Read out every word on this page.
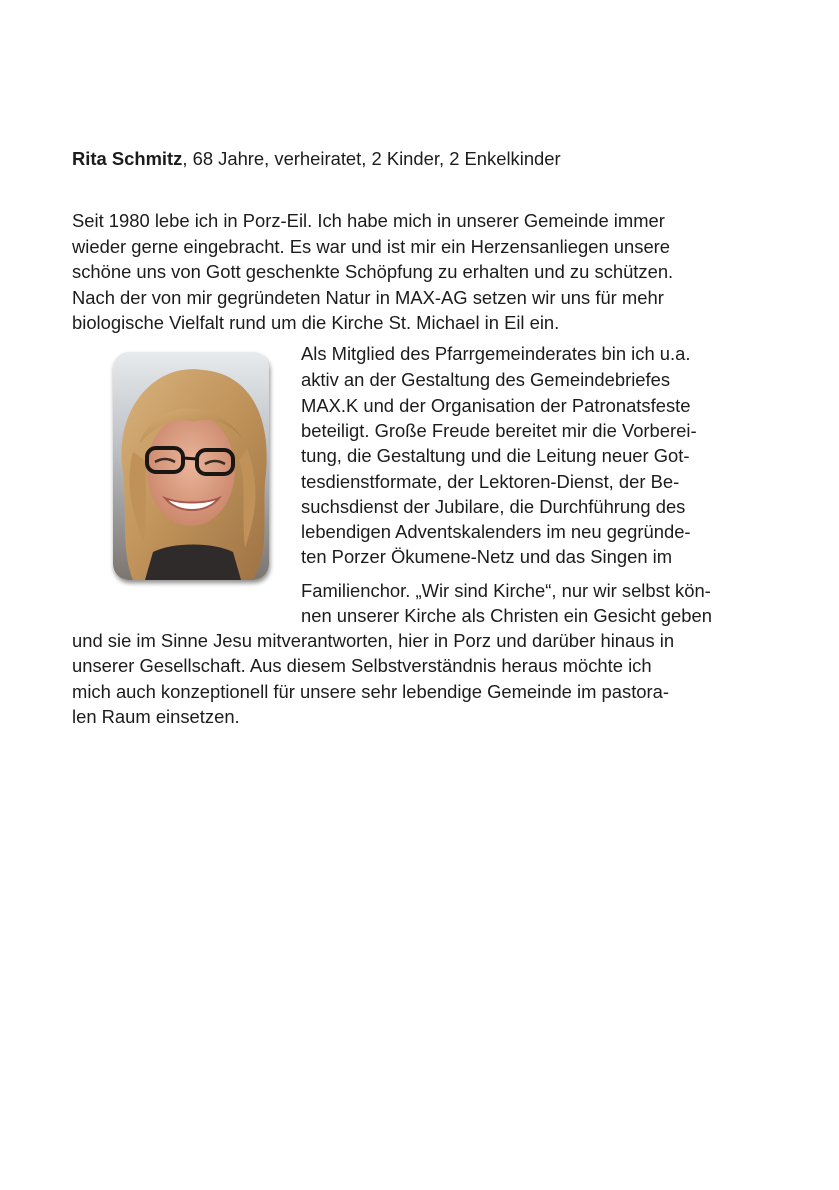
Rita Schmitz, 68 Jahre, verheiratet, 2 Kinder, 2 Enkelkinder
Seit 1980 lebe ich in Porz-Eil. Ich habe mich in unserer Gemeinde immer
wieder gerne eingebracht. Es war und ist mir ein Herzensanliegen unsere
schöne uns von Gott geschenkte Schöpfung zu erhalten und zu schützen.
Nach der von mir gegründeten Natur in MAX-AG setzen wir uns für mehr
biologische Vielfalt rund um die Kirche St. Michael in Eil ein.
Als Mitglied des Pfarrgemeinderates bin ich u.a.
aktiv an der Gestaltung des Gemeindebriefes
MAX.K und der Organisation der Patronatsfeste
beteiligt. Große Freude bereitet mir die Vorberei-
tung, die Gestaltung und die Leitung neuer Got-
tesdienstformate, der Lektoren-Dienst, der Be-
suchsdienst der Jubilare, die Durchführung des
lebendigen Adventskalenders im neu gegründe-
ten Porzer Ökumene-Netz und das Singen im
Familienchor. „Wir sind Kirche“, nur wir selbst kön-
nen unserer Kirche als Christen ein Gesicht geben
und sie im Sinne Jesu mitverantworten, hier in Porz und darüber hinaus in
unserer Gesellschaft. Aus diesem Selbstverständnis heraus möchte ich
mich auch konzeptionell für unsere sehr lebendige Gemeinde im pastora-
len Raum einsetzen.
